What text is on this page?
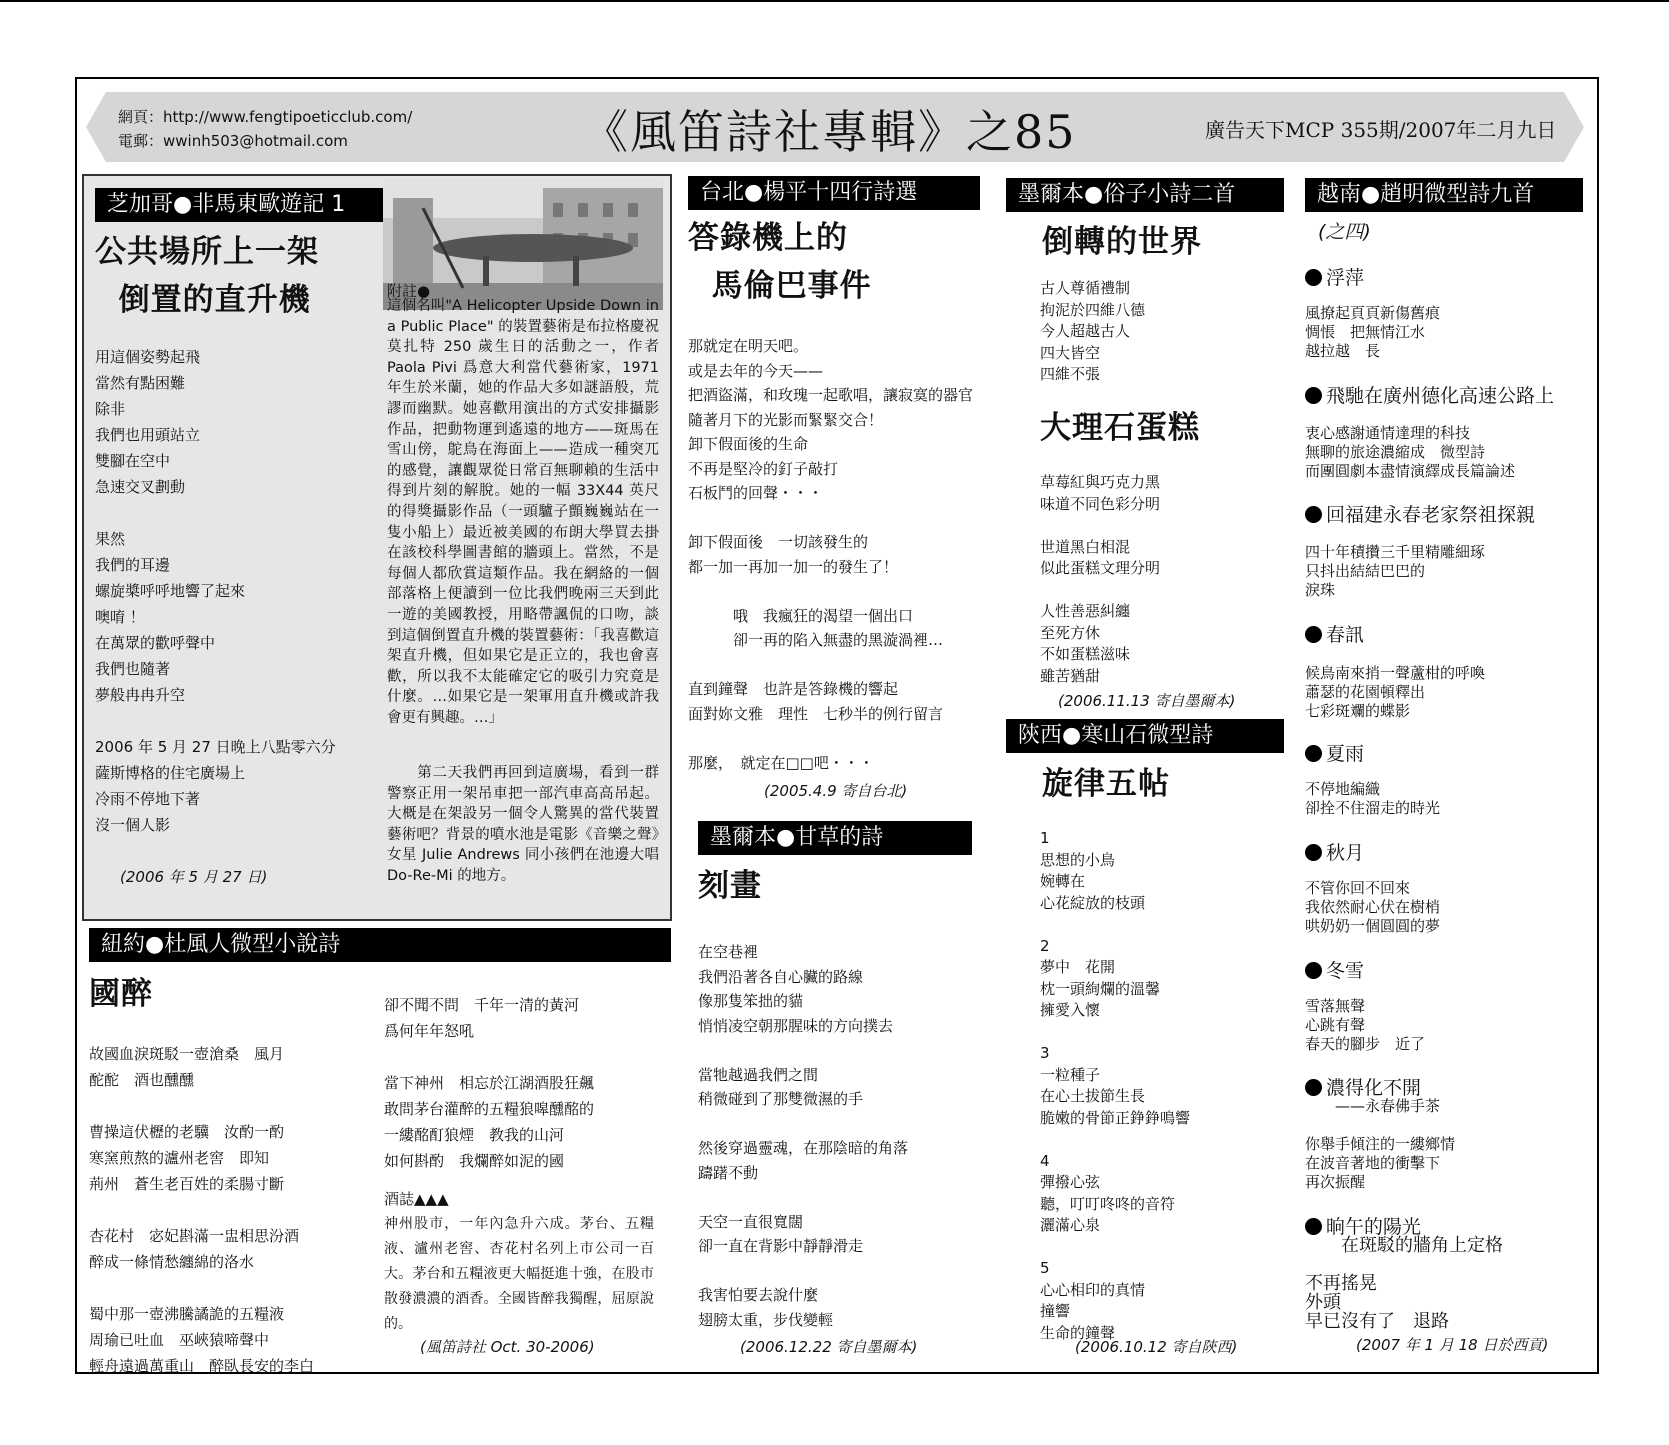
網頁：http://www.fengtipoeticclub.com/
電郵：wwinh503@hotmail.com	《風笛詩社專輯》之85	廣告天下MCP 355期/2007年二月九日
芝加哥●非馬東歐遊記 1
公共場所上一架
倒置的直升機
用這個姿勢起飛
當然有點困難
除非
我們也用頭站立
雙腳在空中
急速交叉劃動

果然
我們的耳邊
螺旋槳呼呼地響了起來
噢唷 ！
在萬眾的歡呼聲中
我們也隨著
夢般冉冉升空

2006 年 5 月 27 日晚上八點零六分
薩斯博格的住宅廣場上
冷雨不停地下著
沒一個人影
(2006 年 5 月 27 日)
附註●
這個名叫"A Helicopter Upside Down in a Public Place" 的裝置藝術是布拉格慶祝莫扎特 250 歲生日的活動之一，作者 Paola Pivi 爲意大利當代藝術家，1971 年生於米蘭，她的作品大多如謎語般，荒謬而幽默。她喜歡用演出的方式安排攝影作品，把動物運到遙遠的地方——斑馬在雪山傍，鴕鳥在海面上——造成一種突兀的感覺，讓觀眾從日常百無聊賴的生活中得到片刻的解脫。她的一幅 33X44 英尺的得獎攝影作品（一頭驢子顫巍巍站在一隻小船上）最近被美國的布朗大學買去掛在該校科學圖書館的牆頭上。當然，不是每個人都欣賞這類作品。我在網絡的一個部落格上便讀到一位比我們晚兩三天到此一遊的美國教授，用略帶諷侃的口吻，談到這個倒置直升機的裝置藝術：「我喜歡這架直升機，但如果它是正立的，我也會喜歡，所以我不太能確定它的吸引力究竟是什麼。…如果它是一架軍用直升機或許我會更有興趣。…」
　　第二天我們再回到這廣場，看到一群警察正用一架吊車把一部汽車高高吊起。大概是在架設另一個令人驚異的當代裝置藝術吧？背景的噴水池是電影《音樂之聲》女星 Julie Andrews 同小孩們在池邊大唱 Do-Re-Mi 的地方。
紐約●杜風人微型小說詩
國醉
故國血淚斑駁一壺滄桑　風月
酡酡　酒也醺醺

曹操這伏櫪的老驥　汝酌一酌
寒窯煎熬的瀘州老窖　即知
荊州　蒼生老百姓的柔腸寸斷

杏花村　宓妃斟滿一盅相思汾酒
醉成一條情愁纏綿的洛水

蜀中那一壺沸騰譎詭的五糧液
周瑜已吐血　巫峽猿啼聲中
輕舟遠過萬重山　醉臥長安的李白
卻不聞不問　千年一清的黃河
爲何年年怒吼

當下神州　相忘於江湖酒股狂飆
敢問茅台灌醉的五糧狼嗥醺酩的
一縷酩酊狼煙　教我的山河
如何斟酌　我爛醉如泥的國
酒誌▲▲▲
神州股市，一年內急升六成。茅台、五糧液、瀘州老窖、杏花村名列上市公司一百大。茅台和五糧液更大幅挺進十強，在股市散發濃濃的酒香。全國皆醉我獨醒，屈原說的。
(風笛詩社 Oct. 30-2006)
台北●楊平十四行詩選
答錄機上的
馬倫巴事件
那就定在明天吧。
或是去年的今天——
把酒盜滿，和玫瑰一起歌唱，讓寂寞的器官
隨著月下的光影而緊緊交合！
卸下假面後的生命
不再是堅冷的釘子敲打
石板鬥的回聲・・・

卸下假面後　一切該發生的
都一加一再加一加一的發生了！

　　　哦　我瘋狂的渴望一個出口
　　　卻一再的陷入無盡的黑漩渦裡…

直到鐘聲　也許是答錄機的響起
面對妳文雅　理性　七秒半的例行留言

那麼，　就定在□□吧・・・
(2005.4.9 寄自台北)
墨爾本●甘草的詩
刻畫
在空巷裡
我們沿著各自心臟的路線
像那隻笨拙的貓
悄悄凌空朝那腥味的方向撲去

當牠越過我們之間
稍微碰到了那雙微濕的手

然後穿過靈魂，在那陰暗的角落
躊躇不動

天空一直很寬闊
卻一直在背影中靜靜滑走

我害怕要去說什麼
翅膀太重，步伐變輕
(2006.12.22 寄自墨爾本)
墨爾本●俗子小詩二首
倒轉的世界
古人尊循禮制
拘泥於四維八德
今人超越古人
四大皆空
四維不張
大理石蛋糕
草莓紅與巧克力黑
味道不同色彩分明

世道黑白相混
似此蛋糕文理分明

人性善惡糾纏
至死方休
不如蛋糕滋味
雖苦猶甜
(2006.11.13 寄自墨爾本)
陝西●寒山石微型詩
旋律五帖
1
思想的小鳥
婉轉在
心花綻放的枝頭

2
夢中　花開
枕一頭絢爛的溫馨
擁愛入懷

3
一粒種子
在心土拔節生長
脆嫩的骨節正錚錚鳴響

4
彈撥心弦
聽，叮叮咚咚的音符
灑滿心泉

5
心心相印的真情
撞響
生命的鐘聲
(2006.10.12 寄自陝西)
越南●趙明微型詩九首
(之四)
浮萍
風撩起頁頁新傷舊痕
惆悵　把無情江水
越拉越　長
飛馳在廣州德化高速公路上
衷心感謝通情達理的科技
無聊的旅途濃縮成　微型詩
而團圓劇本盡情演繹成長篇論述
回福建永春老家祭祖探親
四十年積攢三千里精雕細琢
只抖出結結巴巴的
淚珠
春訊
候鳥南來捎一聲蘆柑的呼喚
蕭瑟的花園頓釋出
七彩斑斕的蝶影
夏雨
不停地編織
卻拴不住溜走的時光
秋月
不管你回不回來
我依然耐心伏在樹梢
哄奶奶一個圓圓的夢
冬雪
雪落無聲
心跳有聲
春天的腳步　近了
濃得化不開
　　——永春佛手茶

你舉手傾注的一縷鄉情
在波音著地的衝擊下
再次振醒
晌午的陽光
　　在斑駁的牆角上定格

不再搖晃
外頭
早已沒有了　退路
(2007 年 1 月 18 日於西貢)
